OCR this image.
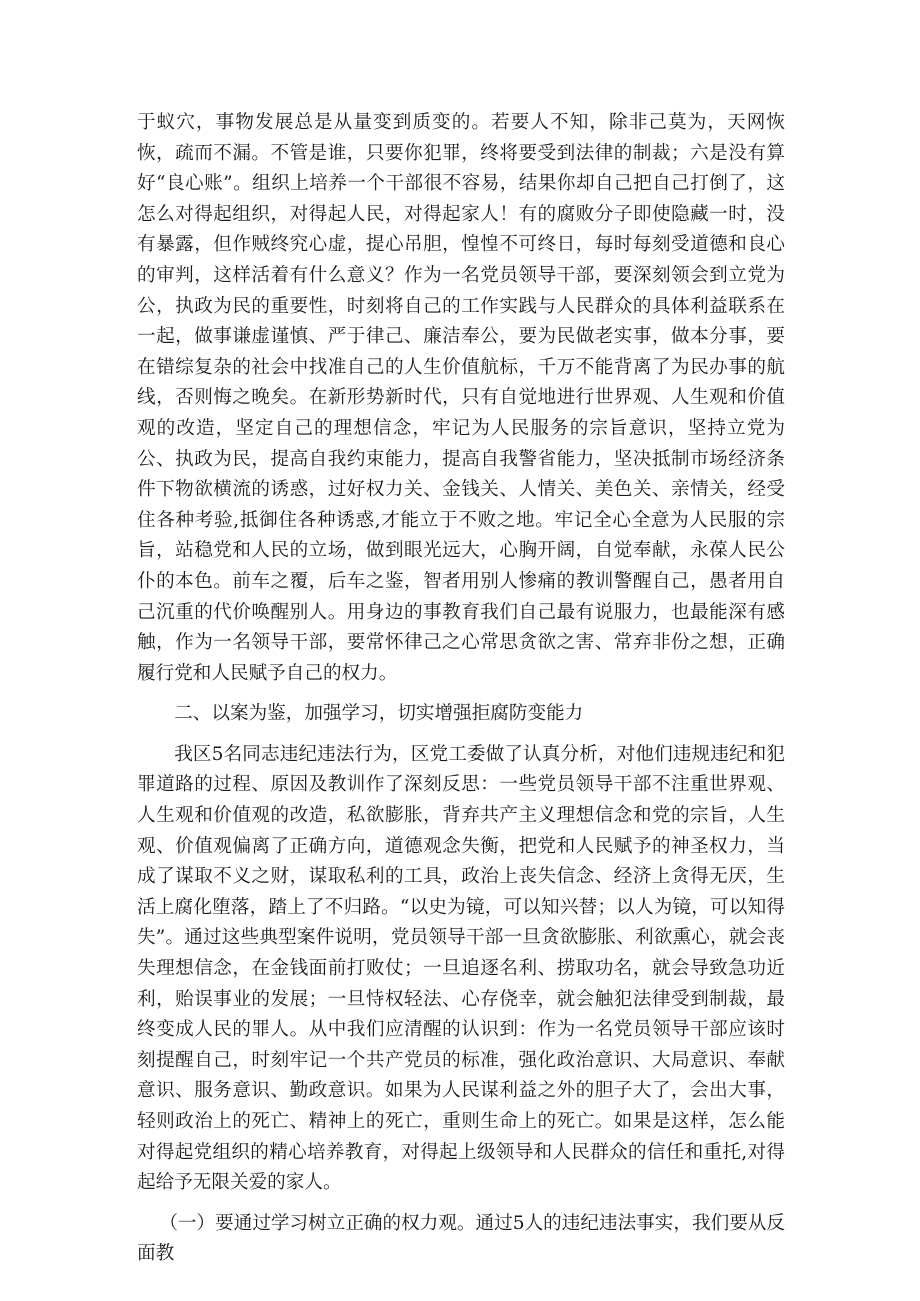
于蚁穴，事物发展总是从量变到质变的。若要人不知，除非己莫为，天网恢恢，疏而不漏。不管是谁，只要你犯罪，终将要受到法律的制裁；六是没有算好“良心账”。组织上培养一个干部很不容易，结果你却自己把自己打倒了，这怎么对得起组织，对得起人民，对得起家人！有的腐败分子即使隐藏一时，没有暴露，但作贼终究心虚，提心吊胆，惶惶不可终日，每时每刻受道德和良心的审判，这样活着有什么意义？作为一名党员领导干部，要深刻领会到立党为公，执政为民的重要性，时刻将自己的工作实践与人民群众的具体利益联系在一起，做事谦虚谨慎、严于律己、廉洁奉公，要为民做老实事，做本分事，要在错综复杂的社会中找准自己的人生价值航标，千万不能背离了为民办事的航线，否则悔之晚矣。在新形势新时代，只有自觉地进行世界观、人生观和价值观的改造，坚定自己的理想信念，牢记为人民服务的宗旨意识，坚持立党为公、执政为民，提高自我约束能力，提高自我警省能力，坚决抵制市场经济条件下物欲横流的诱惑，过好权力关、金钱关、人情关、美色关、亲情关，经受住各种考验,抵御住各种诱惑,才能立于不败之地。牢记全心全意为人民服的宗旨，站稳党和人民的立场，做到眼光远大，心胸开阔，自觉奉献，永葆人民公仆的本色。前车之覆，后车之鉴，智者用别人惨痛的教训警醒自己，愚者用自己沉重的代价唤醒别人。用身边的事教育我们自己最有说服力，也最能深有感触，作为一名领导干部，要常怀律己之心常思贪欲之害、常弃非份之想，正确履行党和人民赋予自己的权力。

二、以案为鉴，加强学习，切实增强拒腐防变能力

我区5名同志违纪违法行为，区党工委做了认真分析，对他们违规违纪和犯罪道路的过程、原因及教训作了深刻反思：一些党员领导干部不注重世界观、人生观和价值观的改造，私欲膨胀，背弃共产主义理想信念和党的宗旨，人生观、价值观偏离了正确方向，道德观念失衡，把党和人民赋予的神圣权力，当成了谋取不义之财，谋取私利的工具，政治上丧失信念、经济上贪得无厌，生活上腐化堕落，踏上了不归路。“以史为镜，可以知兴替；以人为镜，可以知得失”。通过这些典型案件说明，党员领导干部一旦贪欲膨胀、利欲熏心，就会丧失理想信念，在金钱面前打败仗；一旦追逐名利、捞取功名，就会导致急功近利，贻误事业的发展；一旦恃权轻法、心存侥幸，就会触犯法律受到制裁，最终变成人民的罪人。从中我们应清醒的认识到：作为一名党员领导干部应该时刻提醒自己，时刻牢记一个共产党员的标准，强化政治意识、大局意识、奉献意识、服务意识、勤政意识。如果为人民谋利益之外的胆子大了，会出大事，轻则政治上的死亡、精神上的死亡，重则生命上的死亡。如果是这样，怎么能对得起党组织的精心培养教育，对得起上级领导和人民群众的信任和重托,对得起给予无限关爱的家人。

（一）要通过学习树立正确的权力观。通过5人的违纪违法事实，我们要从反面教
